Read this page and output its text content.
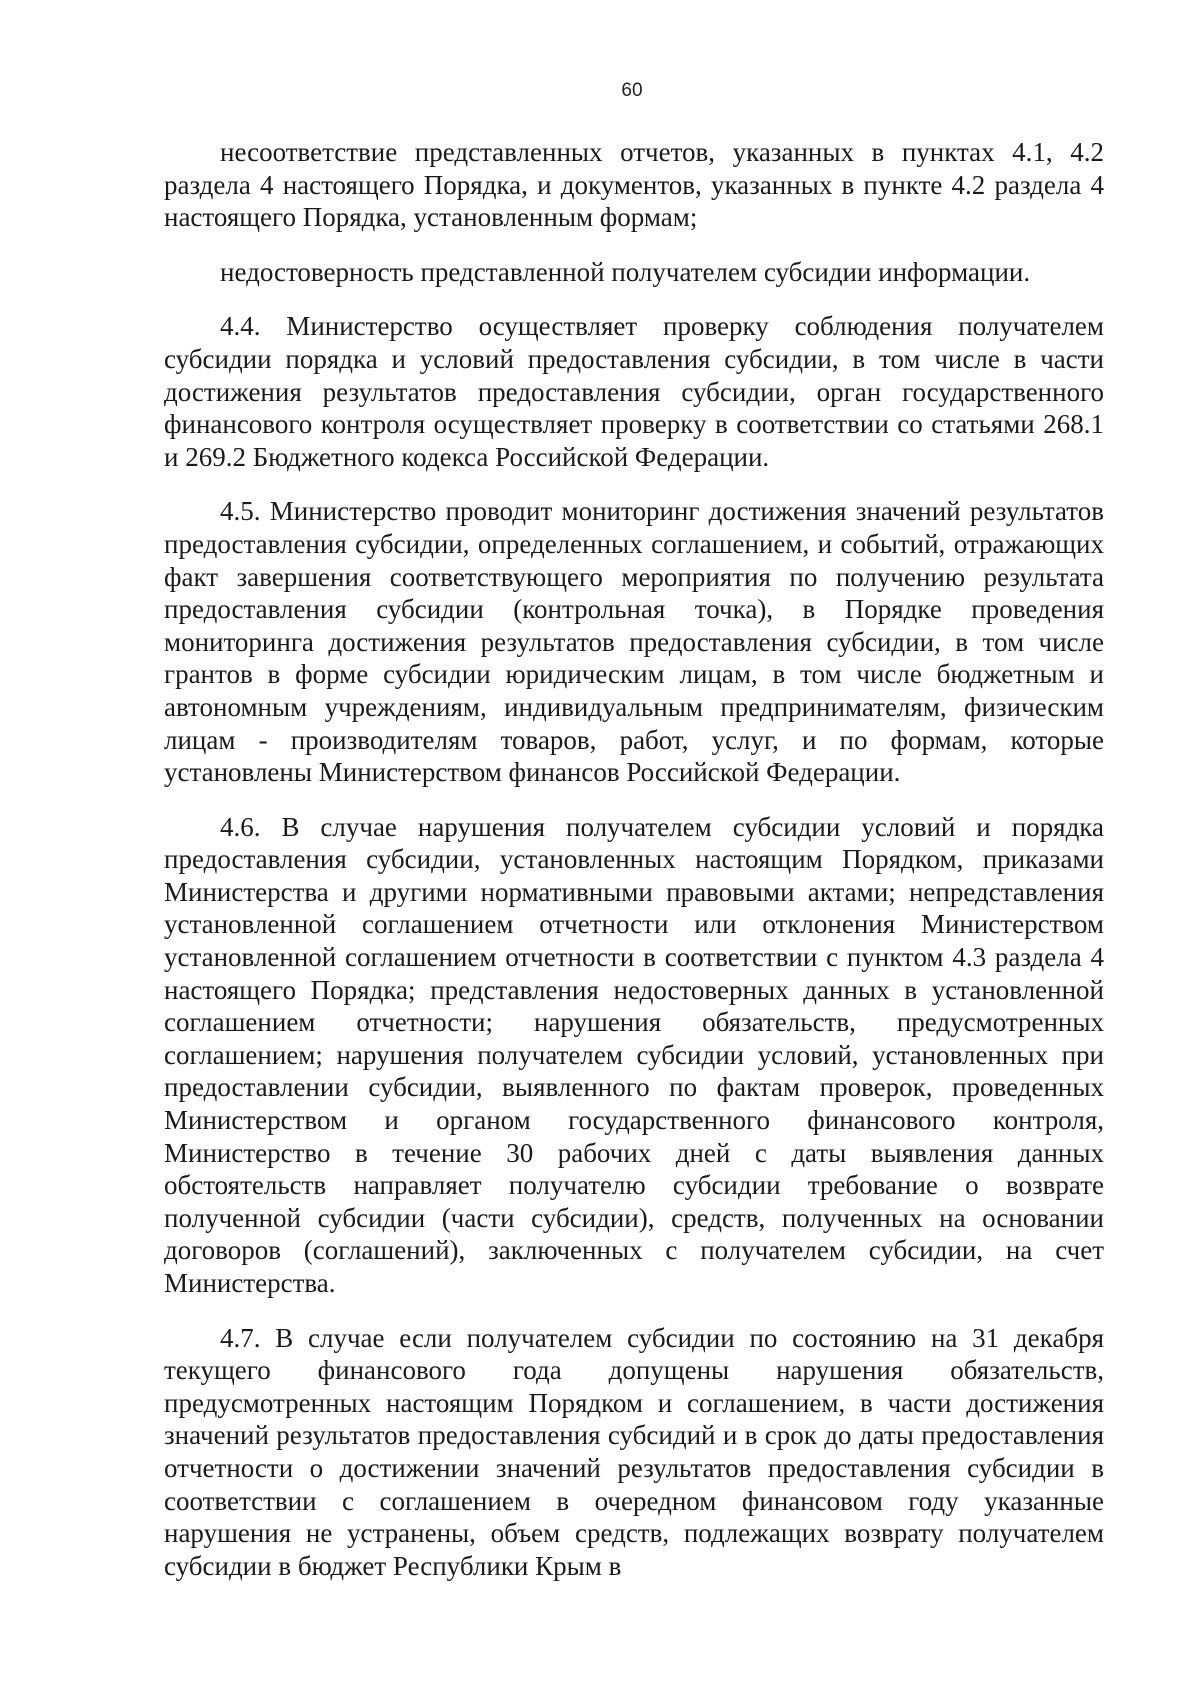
60

несоответствие представленных отчетов, указанных в пунктах 4.1, 4.2 раздела 4 настоящего Порядка, и документов, указанных в пункте 4.2 раздела 4 настоящего Порядка, установленным формам;

недостоверность представленной получателем субсидии информации.

4.4. Министерство осуществляет проверку соблюдения получателем субсидии порядка и условий предоставления субсидии, в том числе в части достижения результатов предоставления субсидии, орган государственного финансового контроля осуществляет проверку в соответствии со статьями 268.1 и 269.2 Бюджетного кодекса Российской Федерации.

4.5. Министерство проводит мониторинг достижения значений результатов предоставления субсидии, определенных соглашением, и событий, отражающих факт завершения соответствующего мероприятия по получению результата предоставления субсидии (контрольная точка), в Порядке проведения мониторинга достижения результатов предоставления субсидии, в том числе грантов в форме субсидии юридическим лицам, в том числе бюджетным и автономным учреждениям, индивидуальным предпринимателям, физическим лицам - производителям товаров, работ, услуг, и по формам, которые установлены Министерством финансов Российской Федерации.

4.6. В случае нарушения получателем субсидии условий и порядка предоставления субсидии, установленных настоящим Порядком, приказами Министерства и другими нормативными правовыми актами; непредставления установленной соглашением отчетности или отклонения Министерством установленной соглашением отчетности в соответствии с пунктом 4.3 раздела 4 настоящего Порядка; представления недостоверных данных в установленной соглашением отчетности; нарушения обязательств, предусмотренных соглашением; нарушения получателем субсидии условий, установленных при предоставлении субсидии, выявленного по фактам проверок, проведенных Министерством и органом государственного финансового контроля, Министерство в течение 30 рабочих дней с даты выявления данных обстоятельств направляет получателю субсидии требование о возврате полученной субсидии (части субсидии), средств, полученных на основании договоров (соглашений), заключенных с получателем субсидии, на счет Министерства.

4.7. В случае если получателем субсидии по состоянию на 31 декабря текущего финансового года допущены нарушения обязательств, предусмотренных настоящим Порядком и соглашением, в части достижения значений результатов предоставления субсидий и в срок до даты предоставления отчетности о достижении значений результатов предоставления субсидии в соответствии с соглашением в очередном финансовом году указанные нарушения не устранены, объем средств, подлежащих возврату получателем субсидии в бюджет Республики Крым в
